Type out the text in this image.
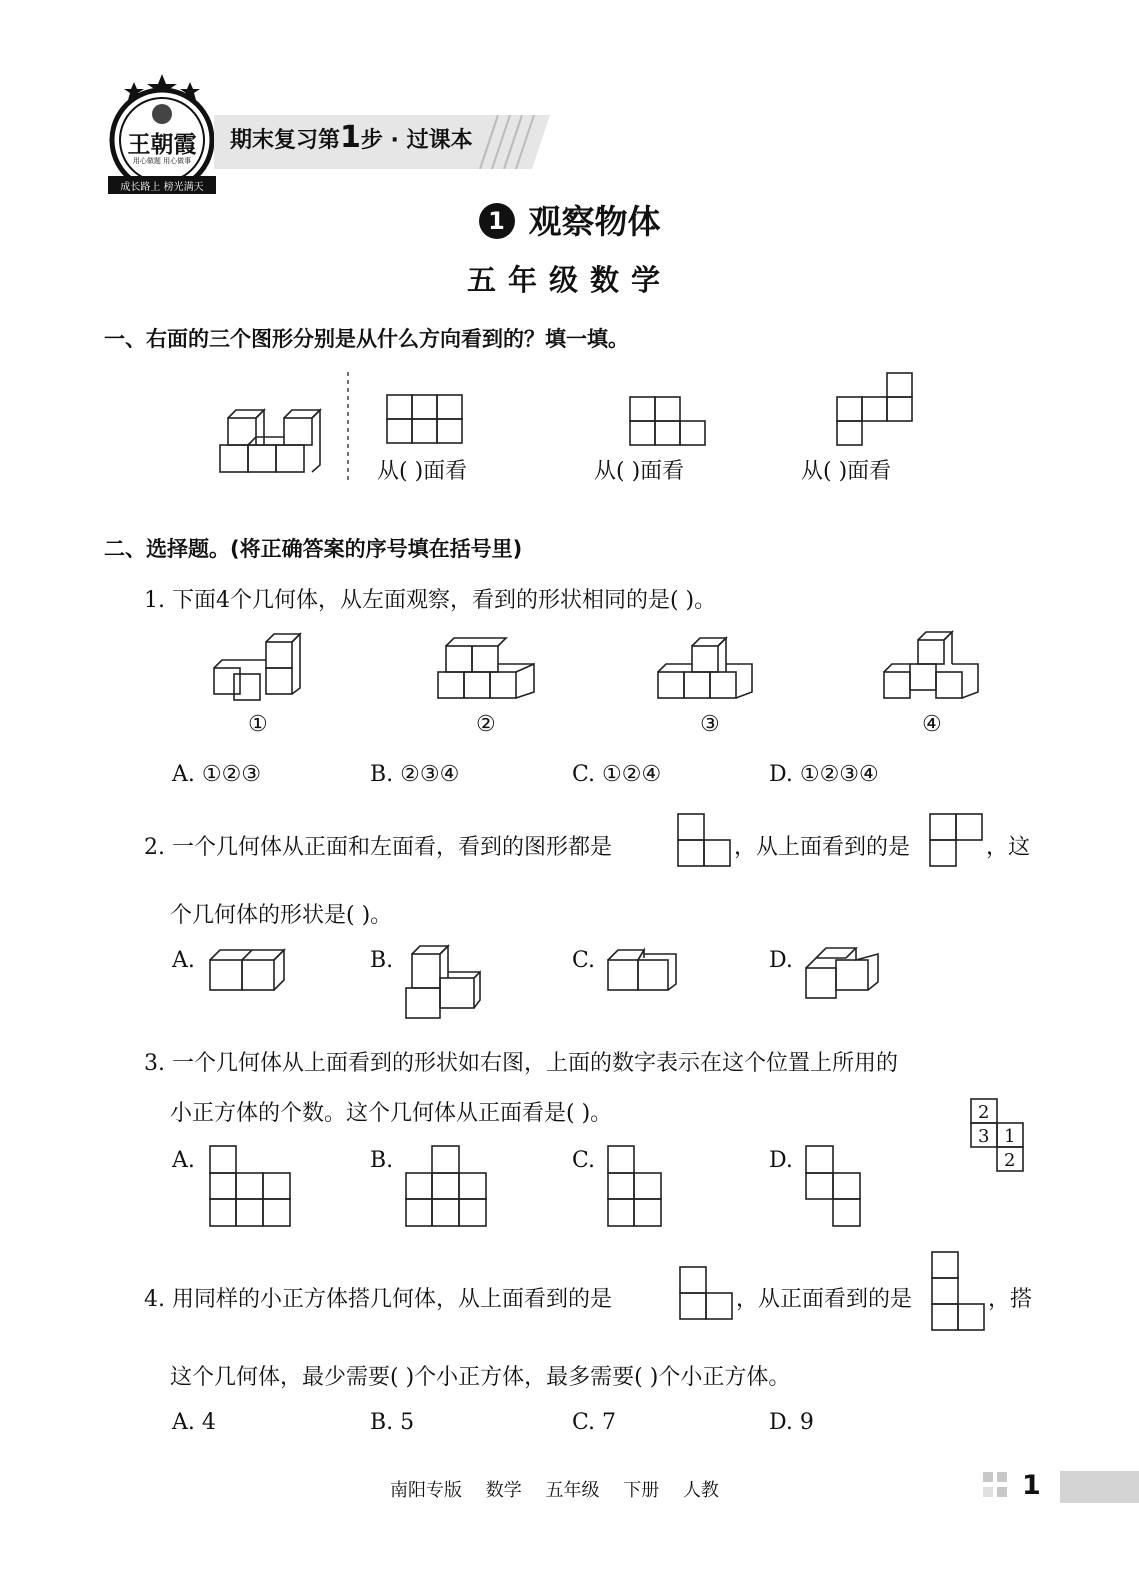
王朝霞
用心做题 用心做事
成长路上 榜光满天
期末复习第1步 · 过课本
1 观察物体
五年级数学
一、右面的三个图形分别是从什么方向看到的？填一填。
从( )面看	从( )面看	从( )面看
二、选择题。(将正确答案的序号填在括号里)
1. 下面4个几何体，从左面观察，看到的形状相同的是( )。
①	②	③	④
A. ①②③	B. ②③④	C. ①②④	D. ①②③④
2. 一个几何体从正面和左面看，看到的图形都是	，从上面看到的是	，这
个几何体的形状是( )。
A.	B.	C.	D.
3. 一个几何体从上面看到的形状如右图，上面的数字表示在这个位置上所用的
小正方体的个数。这个几何体从正面看是( )。	2
3 1
2
A.	B.	C.	D.
4. 用同样的小正方体搭几何体，从上面看到的是	，从正面看到的是	，搭
这个几何体，最少需要( )个小正方体，最多需要( )个小正方体。
A. 4	B. 5	C. 7	D. 9
南阳专版 数学 五年级 下册 人教	1
